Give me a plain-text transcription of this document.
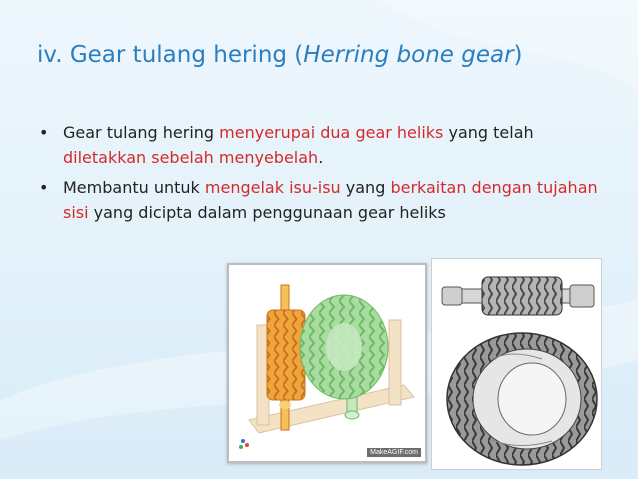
iv. Gear tulang hering (Herring bone gear)
• Gear tulang hering menyerupai dua gear heliks yang telah diletakkan sebelah menyebelah.
• Membantu untuk mengelak isu-isu yang berkaitan dengan tujahan sisi yang dicipta dalam penggunaan gear heliks
MakeAGIF.com
